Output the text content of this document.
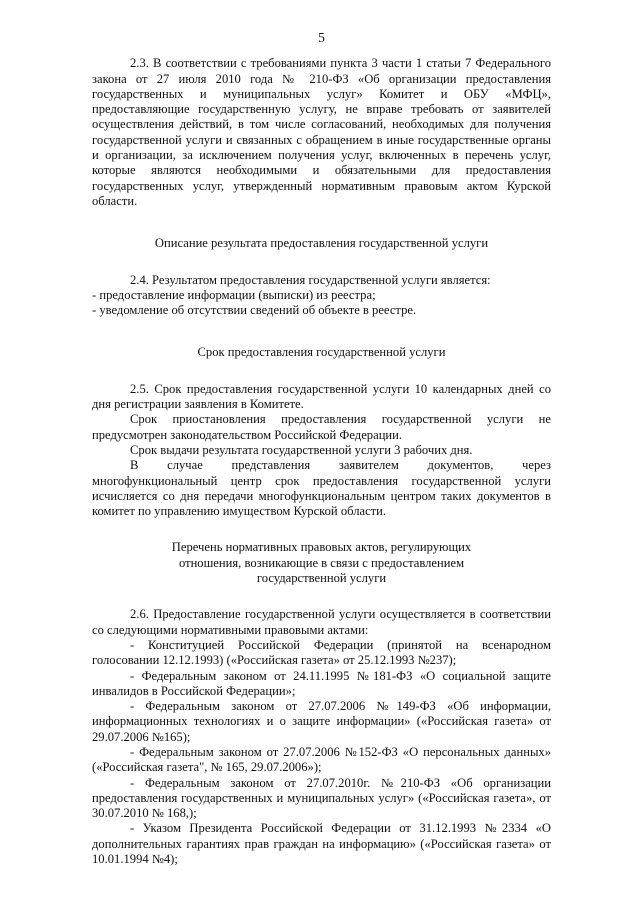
5

2.3. В соответствии с требованиями пункта 3 части 1 статьи 7 Федерального закона от 27 июля 2010 года № 210-ФЗ «Об организации предоставления государственных и муниципальных услуг» Комитет и ОБУ «МФЦ», предоставляющие государственную услугу, не вправе требовать от заявителей осуществления действий, в том числе согласований, необходимых для получения государственной услуги и связанных с обращением в иные государственные органы и организации, за исключением получения услуг, включенных в перечень услуг, которые являются необходимыми и обязательными для предоставления государственных услуг, утвержденный нормативным правовым актом Курской области.

Описание результата предоставления государственной услуги

2.4. Результатом предоставления государственной услуги является:

- предоставление информации (выписки) из реестра;

- уведомление об отсутствии сведений об объекте в реестре.

Срок предоставления государственной услуги

2.5. Срок предоставления государственной услуги 10 календарных дней со дня регистрации заявления в Комитете.

Срок приостановления предоставления государственной услуги не предусмотрен законодательством Российской Федерации.

Срок выдачи результата государственной услуги 3 рабочих дня.

В случае представления заявителем документов, через многофункциональный центр срок предоставления государственной услуги исчисляется со дня передачи многофункциональным центром таких документов в комитет по управлению имуществом Курской области.

Перечень нормативных правовых актов, регулирующих

отношения, возникающие в связи с предоставлением

государственной услуги

2.6. Предоставление государственной услуги осуществляется в соответствии со следующими нормативными правовыми актами:

- Конституцией Российской Федерации (принятой на всенародном голосовании 12.12.1993) («Российская газета» от 25.12.1993 №237);

- Федеральным законом от 24.11.1995 №181-ФЗ «О социальной защите инвалидов в Российской Федерации»;

- Федеральным законом от 27.07.2006 №149-ФЗ «Об информации, информационных технологиях и о защите информации» («Российская газета» от 29.07.2006 №165);

- Федеральным законом от 27.07.2006 №152-ФЗ «О персональных данных» («Российская газета", № 165, 29.07.2006»);

- Федеральным законом от 27.07.2010г. №210-ФЗ «Об организации предоставления государственных и муниципальных услуг» («Российская газета», от 30.07.2010 № 168,);

- Указом Президента Российской Федерации от 31.12.1993 №2334 «О дополнительных гарантиях прав граждан на информацию» («Российская газета» от 10.01.1994 №4);
